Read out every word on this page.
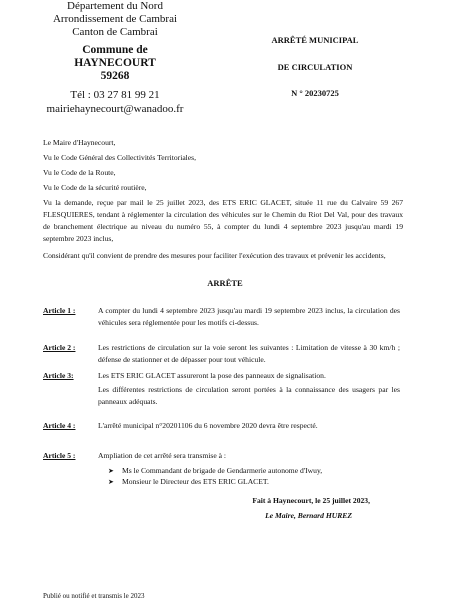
Département du Nord
Arrondissement de Cambrai
Canton de Cambrai
Commune de
HAYNECOURT
59268
Tél : 03 27 81 99 21
mairiehaynecourt@wanadoo.fr
ARRÊTÉ MUNICIPAL
DE CIRCULATION
N ° 20230725
Le Maire d'Haynecourt,
Vu le Code Général des Collectivités Territoriales,
Vu le Code de la Route,
Vu le Code de la sécurité routière,
Vu la demande, reçue par mail le 25 juillet 2023, des ETS ERIC GLACET, située 11 rue du Calvaire 59 267 FLESQUIERES, tendant à réglementer la circulation des véhicules sur le Chemin du Riot Del Val, pour des travaux de branchement électrique au niveau du numéro 55, à compter du lundi 4 septembre 2023 jusqu'au mardi 19 septembre 2023 inclus,
Considérant qu'il convient de prendre des mesures pour faciliter l'exécution des travaux et prévenir les accidents,
ARRÊTE
Article 1 :	A compter du lundi 4 septembre 2023 jusqu'au mardi 19 septembre 2023 inclus, la circulation des véhicules sera réglementée pour les motifs ci-dessus.
Article 2 :	Les restrictions de circulation sur la voie seront les suivantes : Limitation de vitesse à 30 km/h ; défense de stationner et de dépasser pour tout véhicule.
Article 3:	Les ETS ERIC GLACET assureront la pose des panneaux de signalisation.
Les différentes restrictions de circulation seront portées à la connaissance des usagers par les panneaux adéquats.
Article 4 :	L'arrêté municipal n°20201106 du 6 novembre 2020 devra être respecté.
Article 5 :	Ampliation de cet arrêté sera transmise à :
➤ Ms le Commandant de brigade de Gendarmerie autonome d'Iwuy,
➤ Monsieur le Directeur des ETS ERIC GLACET.
Fait à Haynecourt, le 25 juillet 2023,
Le Maire, Bernard HUREZ
Publié ou notifié et transmis le 2023
